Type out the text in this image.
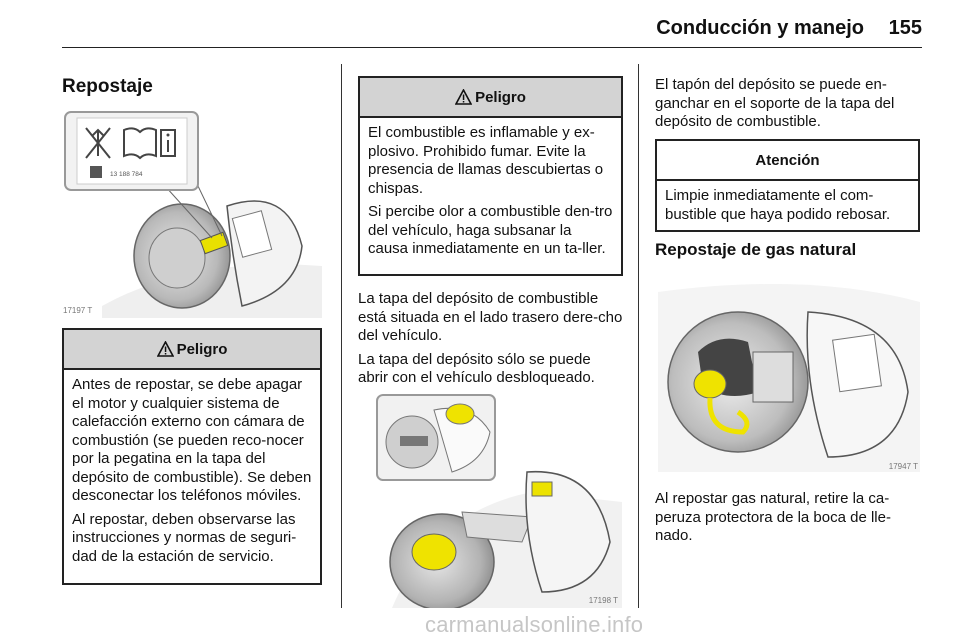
Conducción y manejo 155
Repostaje
13 188 784
17197 T
Peligro

Antes de repostar, se debe apagar el motor y cualquier sistema de calefacción externo con cámara de combustión (se pueden reco-nocer por la pegatina en la tapa del depósito de combustible). Se deben desconectar los teléfonos móviles.

Al repostar, deben observarse las instrucciones y normas de seguri-dad de la estación de servicio.

Peligro

El combustible es inflamable y ex-plosivo. Prohibido fumar. Evite la presencia de llamas descubiertas o chispas.

Si percibe olor a combustible den-tro del vehículo, haga subsanar la causa inmediatamente en un ta-ller.

La tapa del depósito de combustible está situada en el lado trasero dere-cho del vehículo.

La tapa del depósito sólo se puede abrir con el vehículo desbloqueado.

17198 T

El tapón del depósito se puede en-ganchar en el soporte de la tapa del depósito de combustible.

Atención

Limpie inmediatamente el com-bustible que haya podido rebosar.

Repostaje de gas natural
17947 T

Al repostar gas natural, retire la ca-peruza protectora de la boca de lle-nado.

carmanualsonline.info
